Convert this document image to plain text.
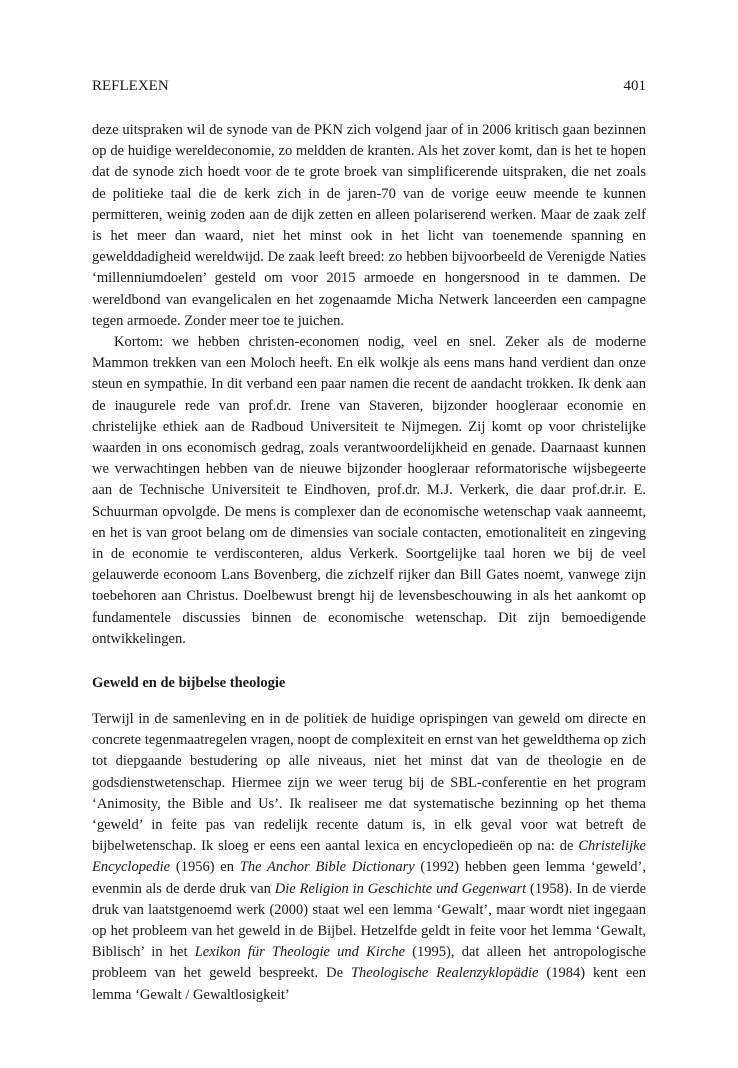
REFLEXEN	401

deze uitspraken wil de synode van de PKN zich volgend jaar of in 2006 kritisch gaan bezinnen op de huidige wereldeconomie, zo meldden de kranten. Als het zover komt, dan is het te hopen dat de synode zich hoedt voor de te grote broek van simplificerende uitspraken, die net zoals de politieke taal die de kerk zich in de jaren-70 van de vorige eeuw meende te kunnen permitteren, weinig zoden aan de dijk zetten en alleen polariserend werken. Maar de zaak zelf is het meer dan waard, niet het minst ook in het licht van toenemende spanning en gewelddadigheid wereldwijd. De zaak leeft breed: zo hebben bijvoorbeeld de Verenigde Naties ‘millenniumdoelen’ gesteld om voor 2015 armoede en hongersnood in te dammen. De wereldbond van evangelicalen en het zogenaamde Micha Netwerk lanceerden een campagne tegen armoede. Zonder meer toe te juichen.

Kortom: we hebben christen-economen nodig, veel en snel. Zeker als de moderne Mammon trekken van een Moloch heeft. En elk wolkje als eens mans hand verdient dan onze steun en sympathie. In dit verband een paar namen die recent de aandacht trokken. Ik denk aan de inaugurele rede van prof.dr. Irene van Staveren, bijzonder hoogleraar economie en christelijke ethiek aan de Radboud Universiteit te Nijmegen. Zij komt op voor christelijke waarden in ons economisch gedrag, zoals verantwoordelijkheid en genade. Daarnaast kunnen we verwachtingen hebben van de nieuwe bijzonder hoogleraar reformatorische wijsbegeerte aan de Technische Universiteit te Eindhoven, prof.dr. M.J. Verkerk, die daar prof.dr.ir. E. Schuurman opvolgde. De mens is complexer dan de economische wetenschap vaak aanneemt, en het is van groot belang om de dimensies van sociale contacten, emotionaliteit en zingeving in de economie te verdisconteren, aldus Verkerk. Soortgelijke taal horen we bij de veel gelauwerde econoom Lans Bovenberg, die zichzelf rijker dan Bill Gates noemt, vanwege zijn toebehoren aan Christus. Doelbewust brengt hij de levensbeschouwing in als het aankomt op fundamentele discussies binnen de economische wetenschap. Dit zijn bemoedigende ontwikkelingen.

Geweld en de bijbelse theologie

Terwijl in de samenleving en in de politiek de huidige oprispingen van geweld om directe en concrete tegenmaatregelen vragen, noopt de complexiteit en ernst van het geweldthema op zich tot diepgaande bestudering op alle niveaus, niet het minst dat van de theologie en de godsdienstwetenschap. Hiermee zijn we weer terug bij de SBL-conferentie en het program ‘Animosity, the Bible and Us’. Ik realiseer me dat systematische bezinning op het thema ‘geweld’ in feite pas van redelijk recente datum is, in elk geval voor wat betreft de bijbelwetenschap. Ik sloeg er eens een aantal lexica en encyclopedieën op na: de Christelijke Encyclopedie (1956) en The Anchor Bible Dictionary (1992) hebben geen lemma ‘geweld’, evenmin als de derde druk van Die Religion in Geschichte und Gegenwart (1958). In de vierde druk van laatstgenoemd werk (2000) staat wel een lemma ‘Gewalt’, maar wordt niet ingegaan op het probleem van het geweld in de Bijbel. Hetzelfde geldt in feite voor het lemma ‘Gewalt, Biblisch’ in het Lexikon für Theologie und Kirche (1995), dat alleen het antropologische probleem van het geweld bespreekt. De Theologische Realenzyklopädie (1984) kent een lemma ‘Gewalt / Gewaltlosigkeit’
